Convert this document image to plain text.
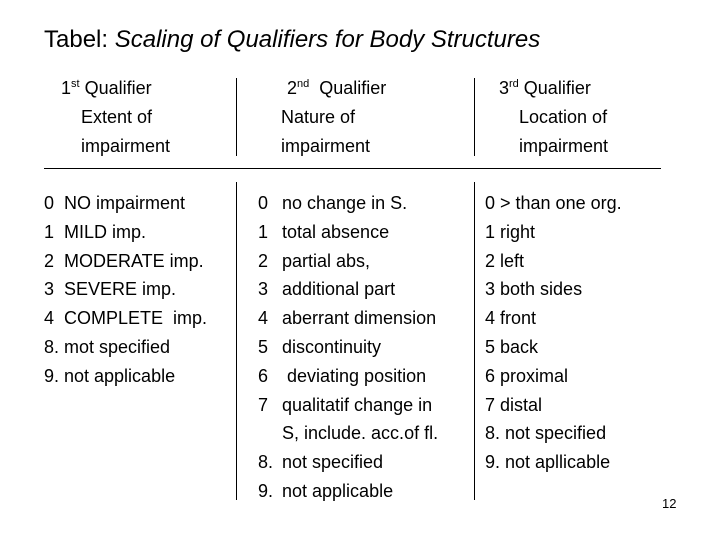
Tabel: Scaling of Qualifiers for Body Structures
1st Qualifier
Extent of
impairment
2nd  Qualifier
Nature of
impairment
3rd Qualifier
Location of
impairment
0 NO impairment
1 MILD imp.
2 MODERATE imp.
3 SEVERE imp.
4 COMPLETE  imp.
8. mot specified
9. not applicable
0 no change in S.
1 total absence
2 partial abs,
3 additional part
4 aberrant dimension
5 discontinuity
6 deviating position
7 qualitatif change in
S, include. acc.of fl.
8. not specified
9. not applicable
0 > than one org.
1 right
2 left
3 both sides
4 front
5 back
6 proximal
7 distal
8. not specified
9. not apllicable
12
